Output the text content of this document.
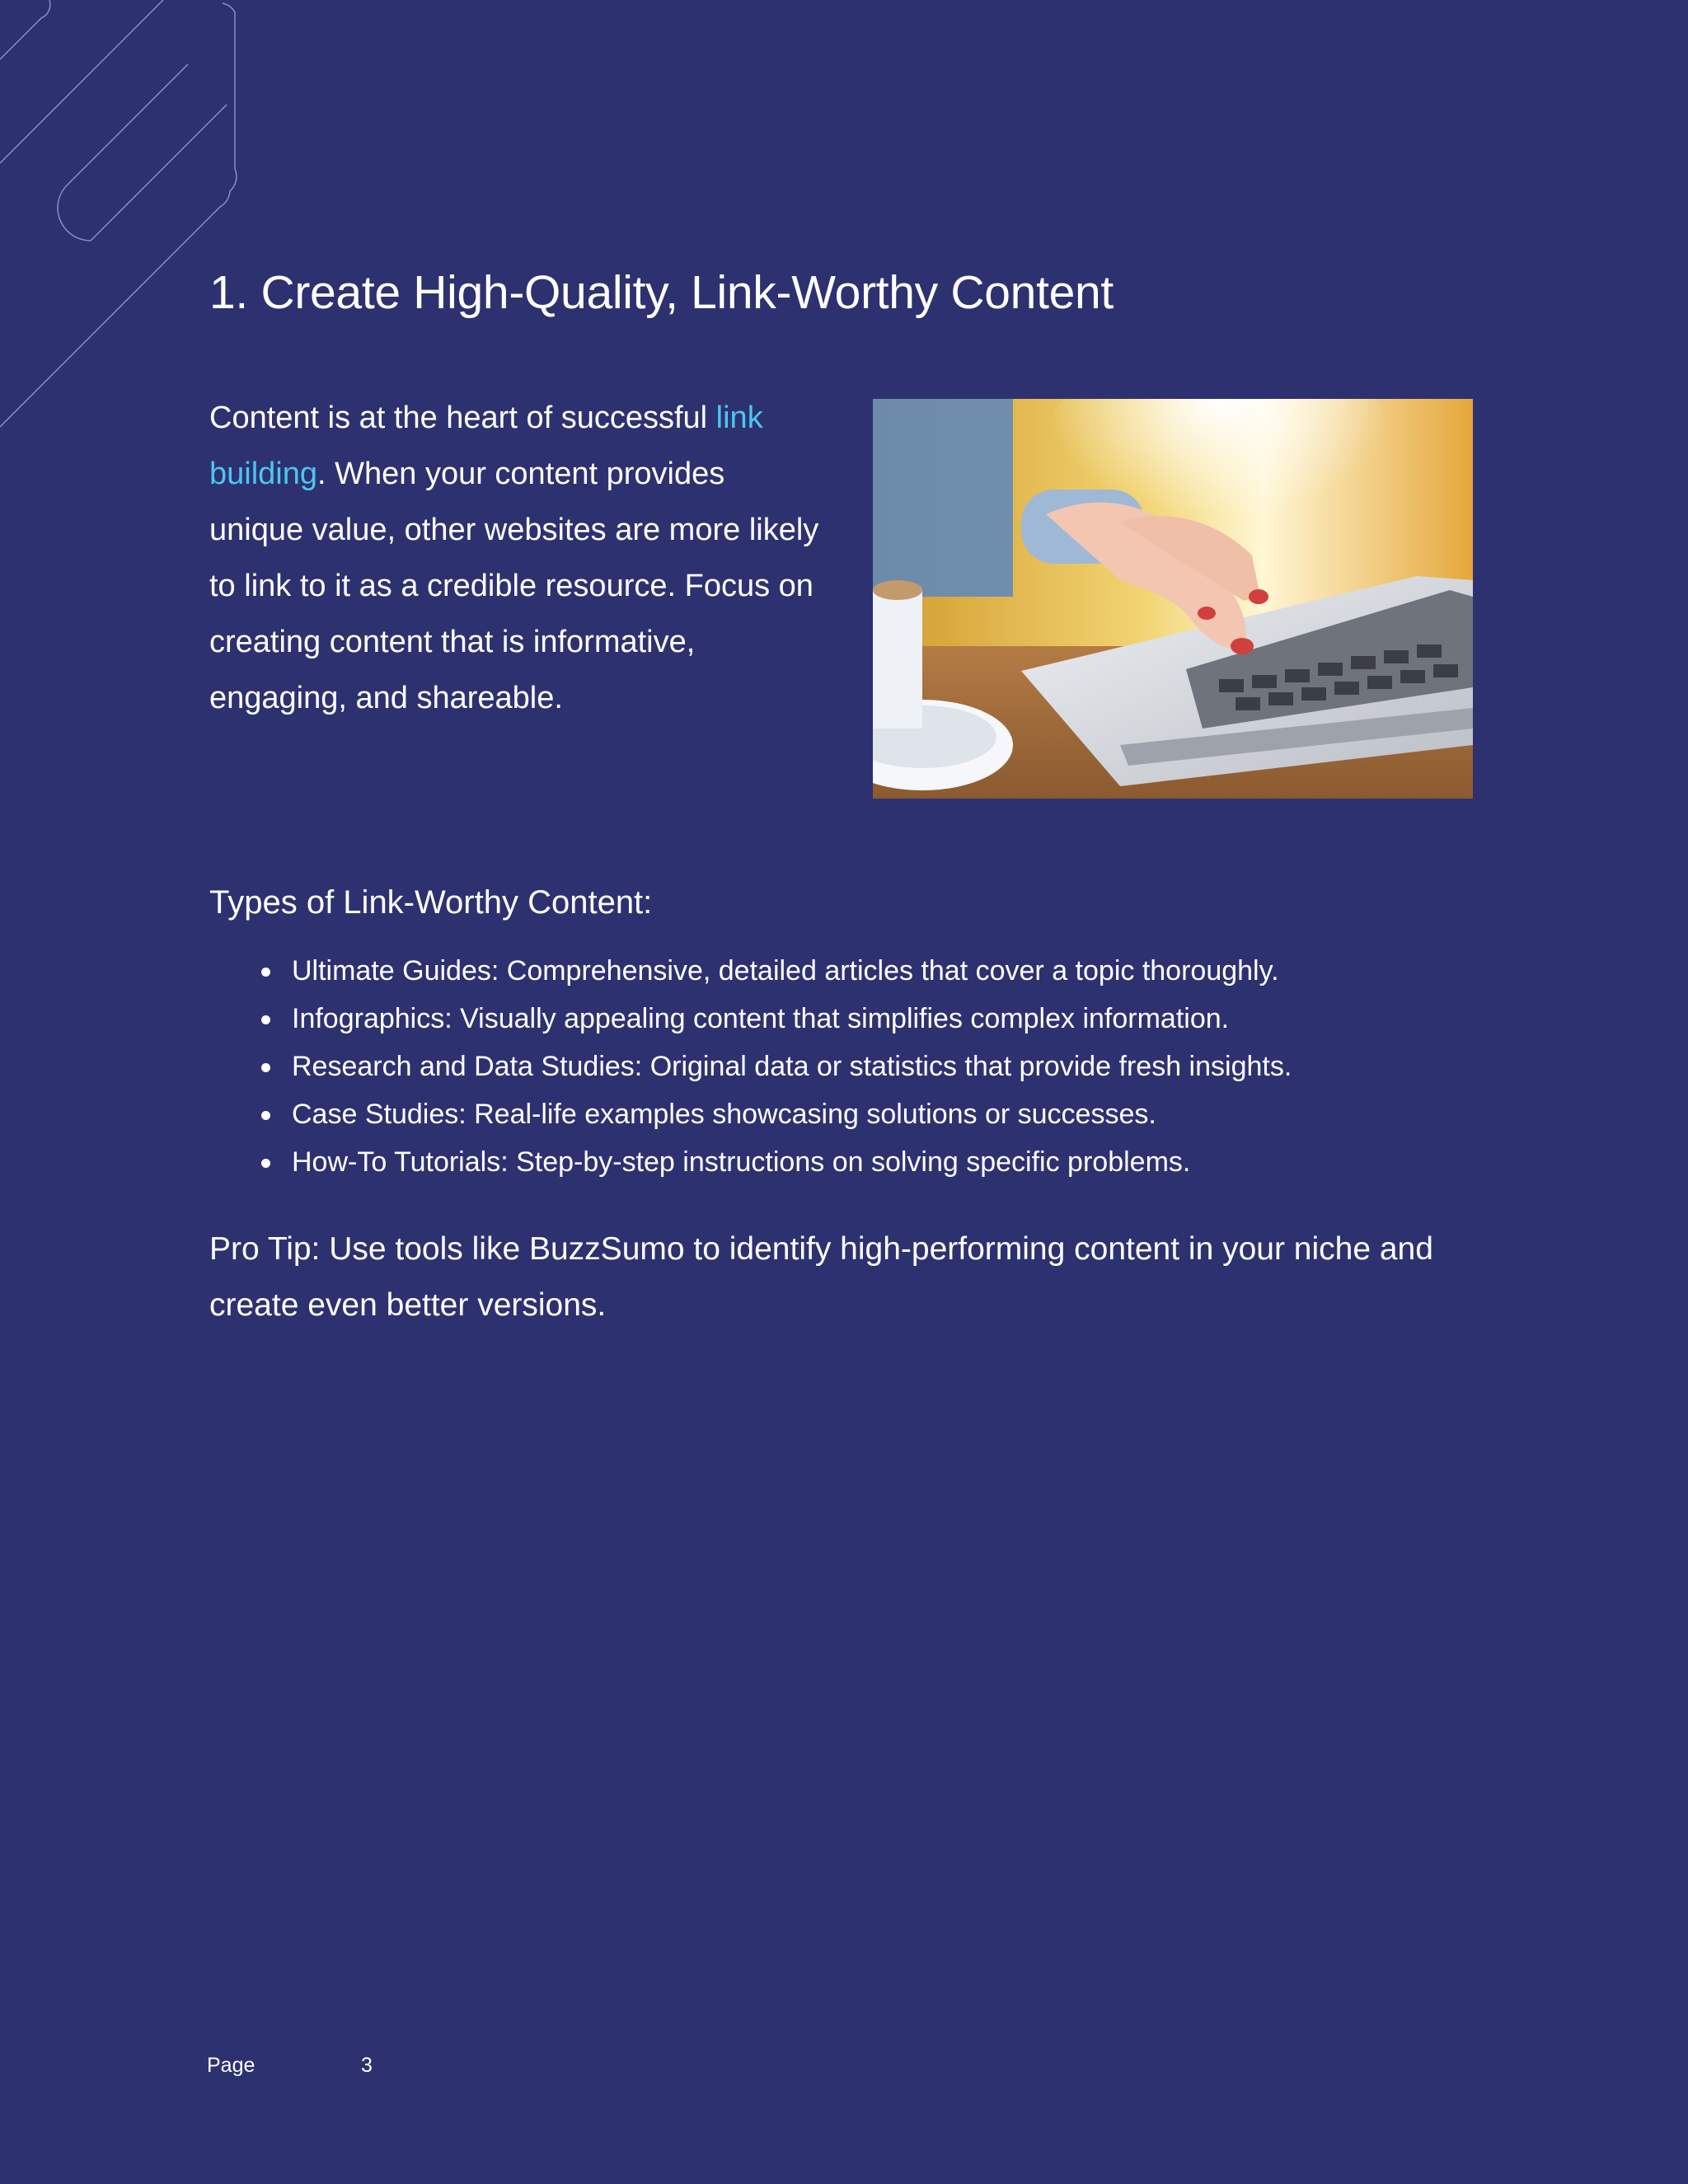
1. Create High-Quality, Link-Worthy Content

Content is at the heart of successful link building. When your content provides unique value, other websites are more likely to link to it as a credible resource. Focus on creating content that is informative, engaging, and shareable.

Types of Link-Worthy Content:
Ultimate Guides: Comprehensive, detailed articles that cover a topic thoroughly.
Infographics: Visually appealing content that simplifies complex information.
Research and Data Studies: Original data or statistics that provide fresh insights.
Case Studies: Real-life examples showcasing solutions or successes.
How-To Tutorials: Step-by-step instructions on solving specific problems.

Pro Tip: Use tools like BuzzSumo to identify high-performing content in your niche and create even better versions.

Page	3
